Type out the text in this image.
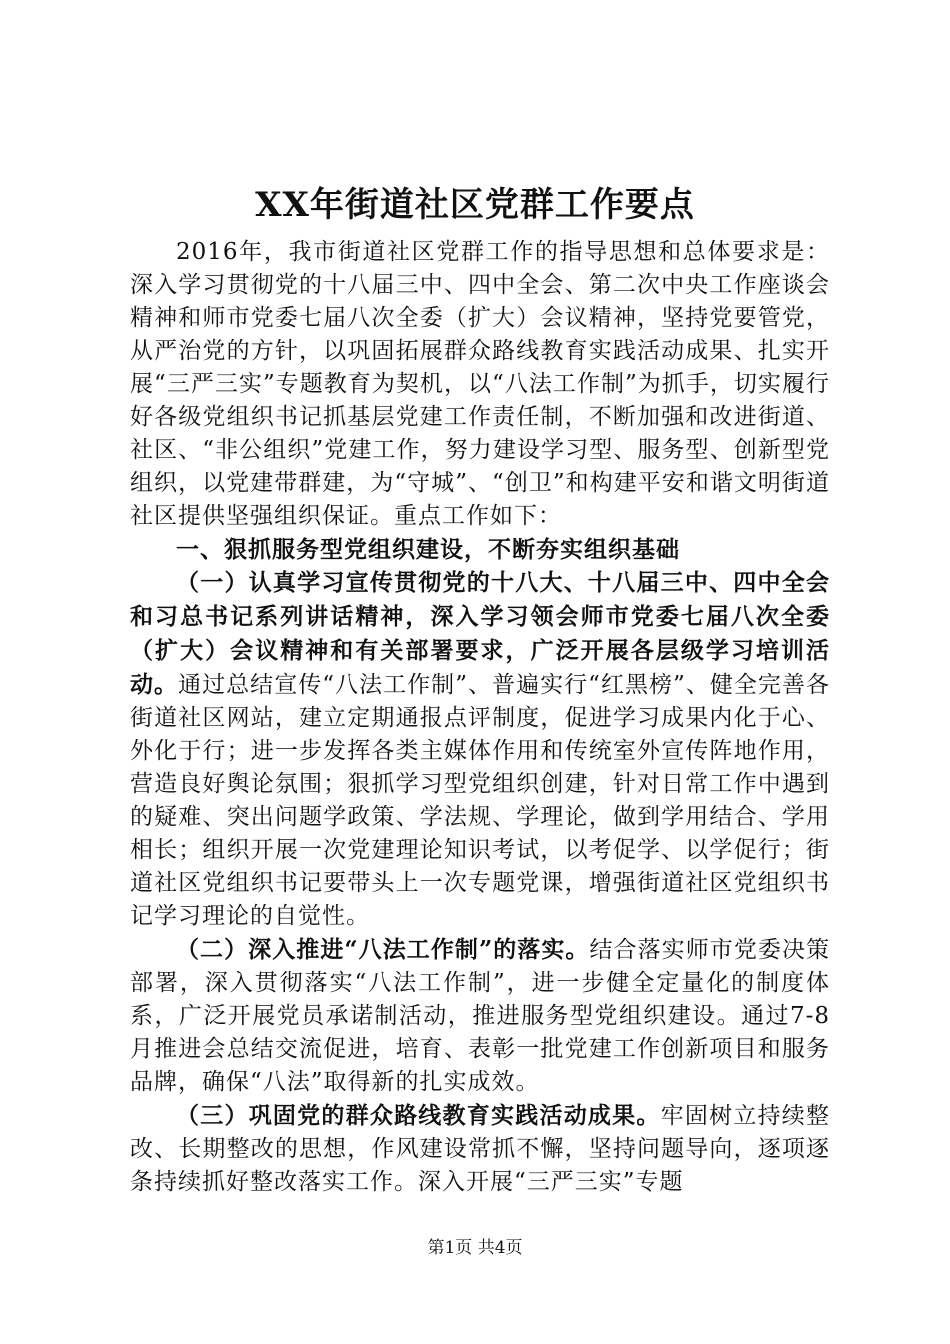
XX年街道社区党群工作要点

2016年，我市街道社区党群工作的指导思想和总体要求是：深入学习贯彻党的十八届三中、四中全会、第二次中央工作座谈会精神和师市党委七届八次全委（扩大）会议精神，坚持党要管党，从严治党的方针，以巩固拓展群众路线教育实践活动成果、扎实开展“三严三实”专题教育为契机，以“八法工作制”为抓手，切实履行好各级党组织书记抓基层党建工作责任制，不断加强和改进街道、社区、“非公组织”党建工作，努力建设学习型、服务型、创新型党组织，以党建带群建，为“守城”、“创卫”和构建平安和谐文明街道社区提供坚强组织保证。重点工作如下：

一、狠抓服务型党组织建设，不断夯实组织基础

（一）认真学习宣传贯彻党的十八大、十八届三中、四中全会和习总书记系列讲话精神，深入学习领会师市党委七届八次全委（扩大）会议精神和有关部署要求，广泛开展各层级学习培训活动。通过总结宣传“八法工作制”、普遍实行“红黑榜”、健全完善各街道社区网站，建立定期通报点评制度，促进学习成果内化于心、外化于行；进一步发挥各类主媒体作用和传统室外宣传阵地作用，营造良好舆论氛围；狠抓学习型党组织创建，针对日常工作中遇到的疑难、突出问题学政策、学法规、学理论，做到学用结合、学用相长；组织开展一次党建理论知识考试，以考促学、以学促行；街道社区党组织书记要带头上一次专题党课，增强街道社区党组织书记学习理论的自觉性。

（二）深入推进“八法工作制”的落实。结合落实师市党委决策部署，深入贯彻落实“八法工作制”，进一步健全定量化的制度体系，广泛开展党员承诺制活动，推进服务型党组织建设。通过7-8月推进会总结交流促进，培育、表彰一批党建工作创新项目和服务品牌，确保“八法”取得新的扎实成效。

（三）巩固党的群众路线教育实践活动成果。牢固树立持续整改、长期整改的思想，作风建设常抓不懈，坚持问题导向，逐项逐条持续抓好整改落实工作。深入开展“三严三实”专题

第1页 共4页
